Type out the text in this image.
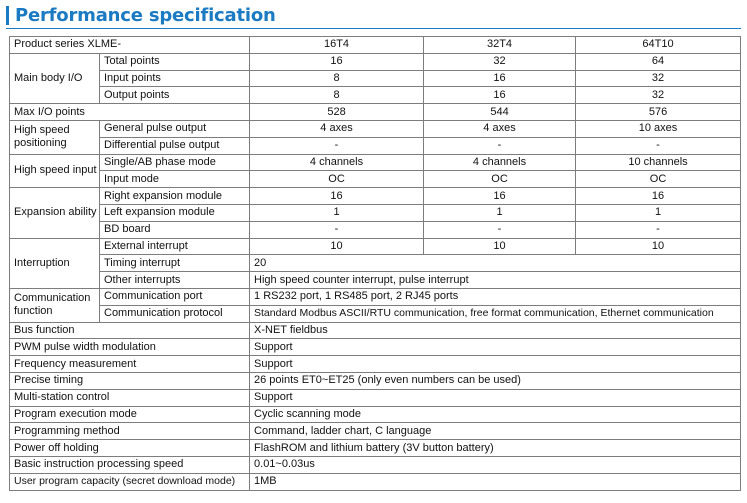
Performance specification
Product series XLME-		16T4	32T4	64T10
Main body I/O	Total points	16	32	64
	Input points	8	16	32
	Output points	8	16	32
Max I/O points		528	544	576
High speed positioning	General pulse output	4 axes	4 axes	10 axes
	Differential pulse output	-	-	-
High speed input	Single/AB phase mode	4 channels	4 channels	10 channels
	Input mode	OC	OC	OC
Expansion ability	Right expansion module	16	16	16
	Left expansion module	1	1	1
	BD board	-	-	-
Interruption	External interrupt	10	10	10
	Timing interrupt	20		
	Other interrupts	High speed counter interrupt, pulse interrupt		
Communication function	Communication port	1 RS232 port, 1 RS485 port, 2 RJ45 ports		
	Communication protocol	Standard Modbus ASCII/RTU communication, free format communication, Ethernet communication		
Bus function		X-NET fieldbus		
PWM pulse width modulation		Support		
Frequency measurement		Support		
Precise timing		26 points ET0~ET25 (only even numbers can be used)		
Multi-station control		Support		
Program execution mode		Cyclic scanning mode		
Programming method		Command, ladder chart, C language		
Power off holding		FlashROM and lithium battery (3V button battery)		
Basic instruction processing speed		0.01~0.03us		
User program capacity (secret download mode)		1MB		
